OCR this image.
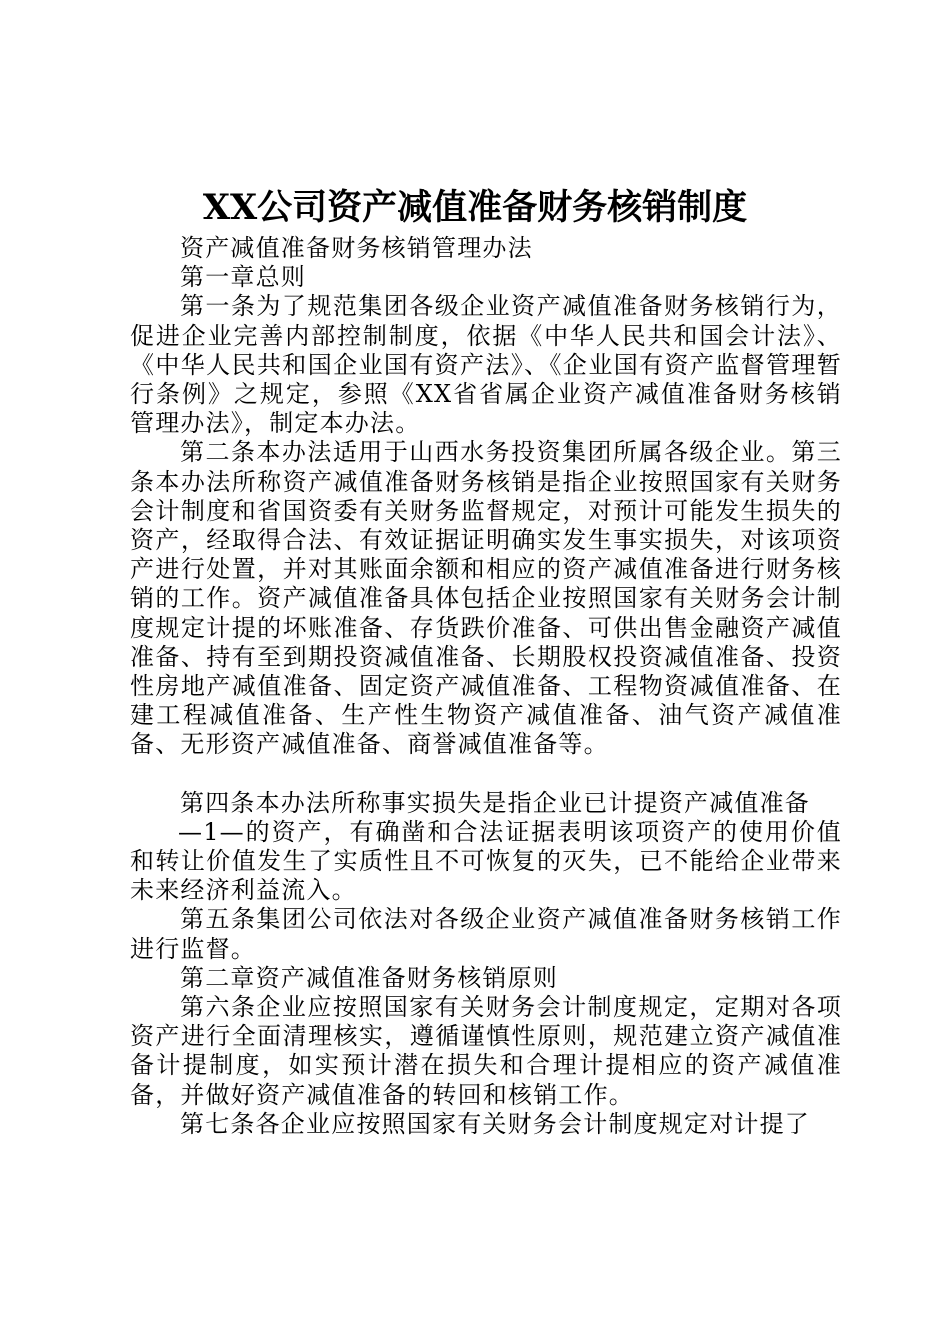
XX公司资产减值准备财务核销制度

资产减值准备财务核销管理办法

第一章总则

第一条为了规范集团各级企业资产减值准备财务核销行为，促进企业完善内部控制制度，依据《中华人民共和国会计法》、《中华人民共和国企业国有资产法》、《企业国有资产监督管理暂行条例》之规定，参照《XX省省属企业资产减值准备财务核销管理办法》，制定本办法。

第二条本办法适用于山西水务投资集团所属各级企业。第三条本办法所称资产减值准备财务核销是指企业按照国家有关财务会计制度和省国资委有关财务监督规定，对预计可能发生损失的资产，经取得合法、有效证据证明确实发生事实损失，对该项资产进行处置，并对其账面余额和相应的资产减值准备进行财务核销的工作。资产减值准备具体包括企业按照国家有关财务会计制度规定计提的坏账准备、存货跌价准备、可供出售金融资产减值准备、持有至到期投资减值准备、长期股权投资减值准备、投资性房地产减值准备、固定资产减值准备、工程物资减值准备、在建工程减值准备、生产性生物资产减值准备、油气资产减值准备、无形资产减值准备、商誉减值准备等。

第四条本办法所称事实损失是指企业已计提资产减值准备

—1—的资产，有确凿和合法证据表明该项资产的使用价值和转让价值发生了实质性且不可恢复的灭失，已不能给企业带来未来经济利益流入。

第五条集团公司依法对各级企业资产减值准备财务核销工作进行监督。

第二章资产减值准备财务核销原则

第六条企业应按照国家有关财务会计制度规定，定期对各项资产进行全面清理核实，遵循谨慎性原则，规范建立资产减值准备计提制度，如实预计潜在损失和合理计提相应的资产减值准备，并做好资产减值准备的转回和核销工作。

第七条各企业应按照国家有关财务会计制度规定对计提了
